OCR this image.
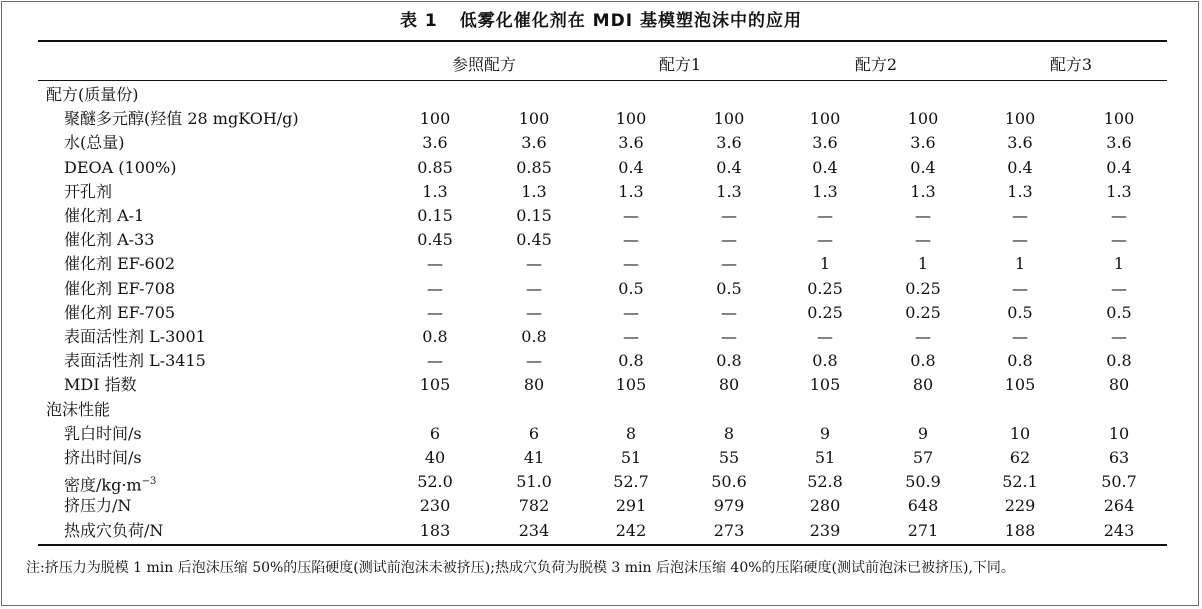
表 1 低雾化催化剂在 MDI 基模塑泡沫中的应用
参照配方	配方1	配方2	配方3
配方(质量份)
聚醚多元醇(羟值 28 mgKOH/g)	100	100	100	100	100	100	100	100
水(总量)	3.6	3.6	3.6	3.6	3.6	3.6	3.6	3.6
DEOA (100%)	0.85	0.85	0.4	0.4	0.4	0.4	0.4	0.4
开孔剂	1.3	1.3	1.3	1.3	1.3	1.3	1.3	1.3
催化剂 A-1	0.15	0.15	—	—	—	—	—	—
催化剂 A-33	0.45	0.45	—	—	—	—	—	—
催化剂 EF-602	—	—	—	—	1	1	1	1
催化剂 EF-708	—	—	0.5	0.5	0.25	0.25	—	—
催化剂 EF-705	—	—	—	—	0.25	0.25	0.5	0.5
表面活性剂 L-3001	0.8	0.8	—	—	—	—	—	—
表面活性剂 L-3415	—	—	0.8	0.8	0.8	0.8	0.8	0.8
MDI 指数	105	80	105	80	105	80	105	80
泡沫性能
乳白时间/s	6	6	8	8	9	9	10	10
挤出时间/s	40	41	51	55	51	57	62	63
密度$/kg\cdot m^{-3}$	52.0	51.0	52.7	50.6	52.8	50.9	52.1	50.7
挤压力/N	230	782	291	979	280	648	229	264
热成穴负荷/N	183	234	242	273	239	271	188	243
注:挤压力为脱模 1 min 后泡沫压缩 50%的压陷硬度(测试前泡沫未被挤压);热成穴负荷为脱模 3 min 后泡沫压缩 40%的压陷硬度(测试前泡沫已被挤压),下同。
